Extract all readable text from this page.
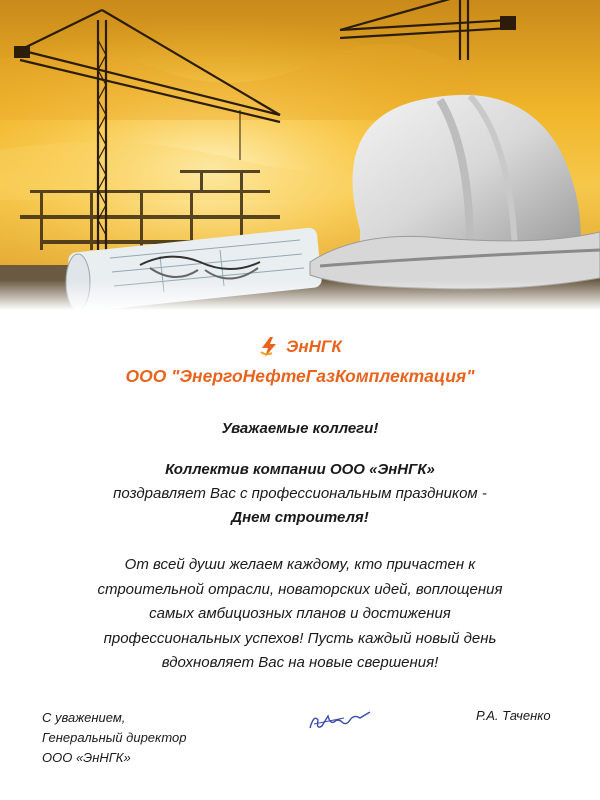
ЭнНГК
ООО "ЭнергоНефтеГазКомплектация"
Уважаемые коллеги!
Коллектив компании ООО «ЭнНГК»
поздравляет Вас с профессиональным праздником -
Днем строителя!
От всей души желаем каждому, кто причастен к
строительной отрасли, новаторских идей, воплощения
самых амбициозных планов и достижения
профессиональных успехов! Пусть каждый новый день
вдохновляет Вас на новые свершения!
С уважением,
Генеральный директор
ООО «ЭнНГК»
Р.А. Таченко
